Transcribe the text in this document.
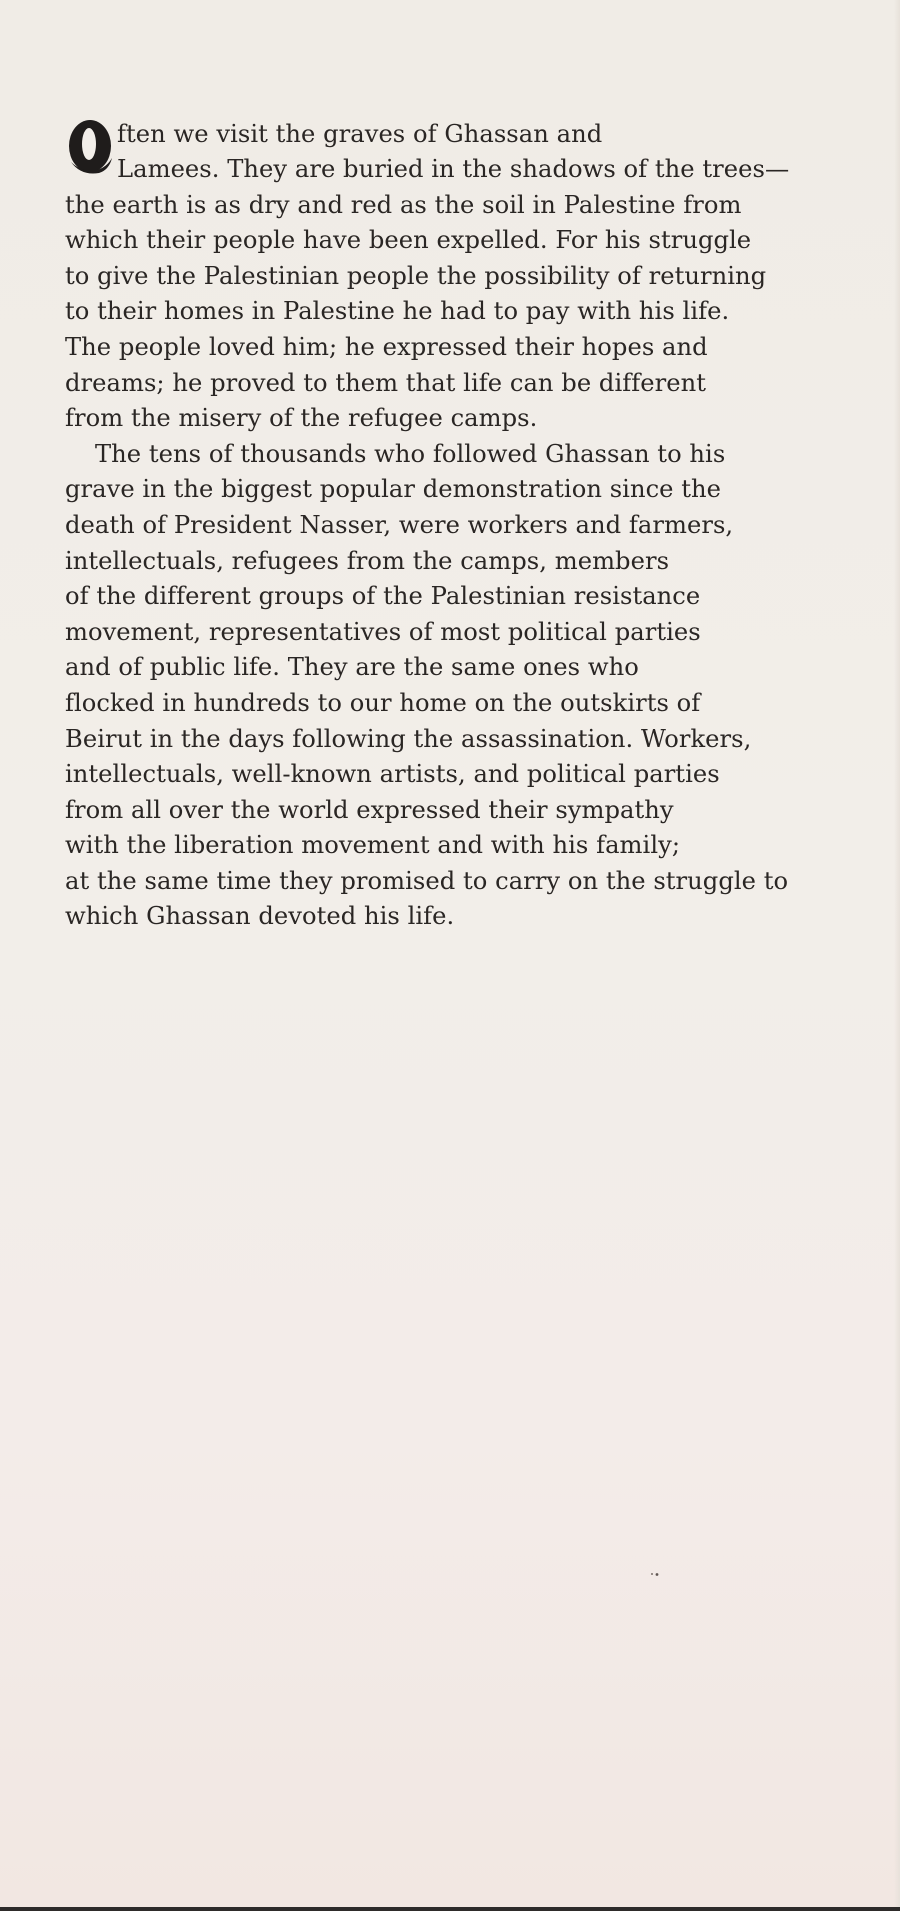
ften we visit the graves of Ghassan and
Lamees. They are buried in the shadows of the trees—
the earth is as dry and red as the soil in Palestine from
which their people have been expelled. For his struggle
to give the Palestinian people the possibility of returning
to their homes in Palestine he had to pay with his life.
The people loved him; he expressed their hopes and
dreams; he proved to them that life can be different
from the misery of the refugee camps.
The tens of thousands who followed Ghassan to his
grave in the biggest popular demonstration since the
death of President Nasser, were workers and farmers,
intellectuals, refugees from the camps, members
of the different groups of the Palestinian resistance
movement, representatives of most political parties
and of public life. They are the same ones who
flocked in hundreds to our home on the outskirts of
Beirut in the days following the assassination. Workers,
intellectuals, well-known artists, and political parties
from all over the world expressed their sympathy
with the liberation movement and with his family;
at the same time they promised to carry on the struggle to
which Ghassan devoted his life.
